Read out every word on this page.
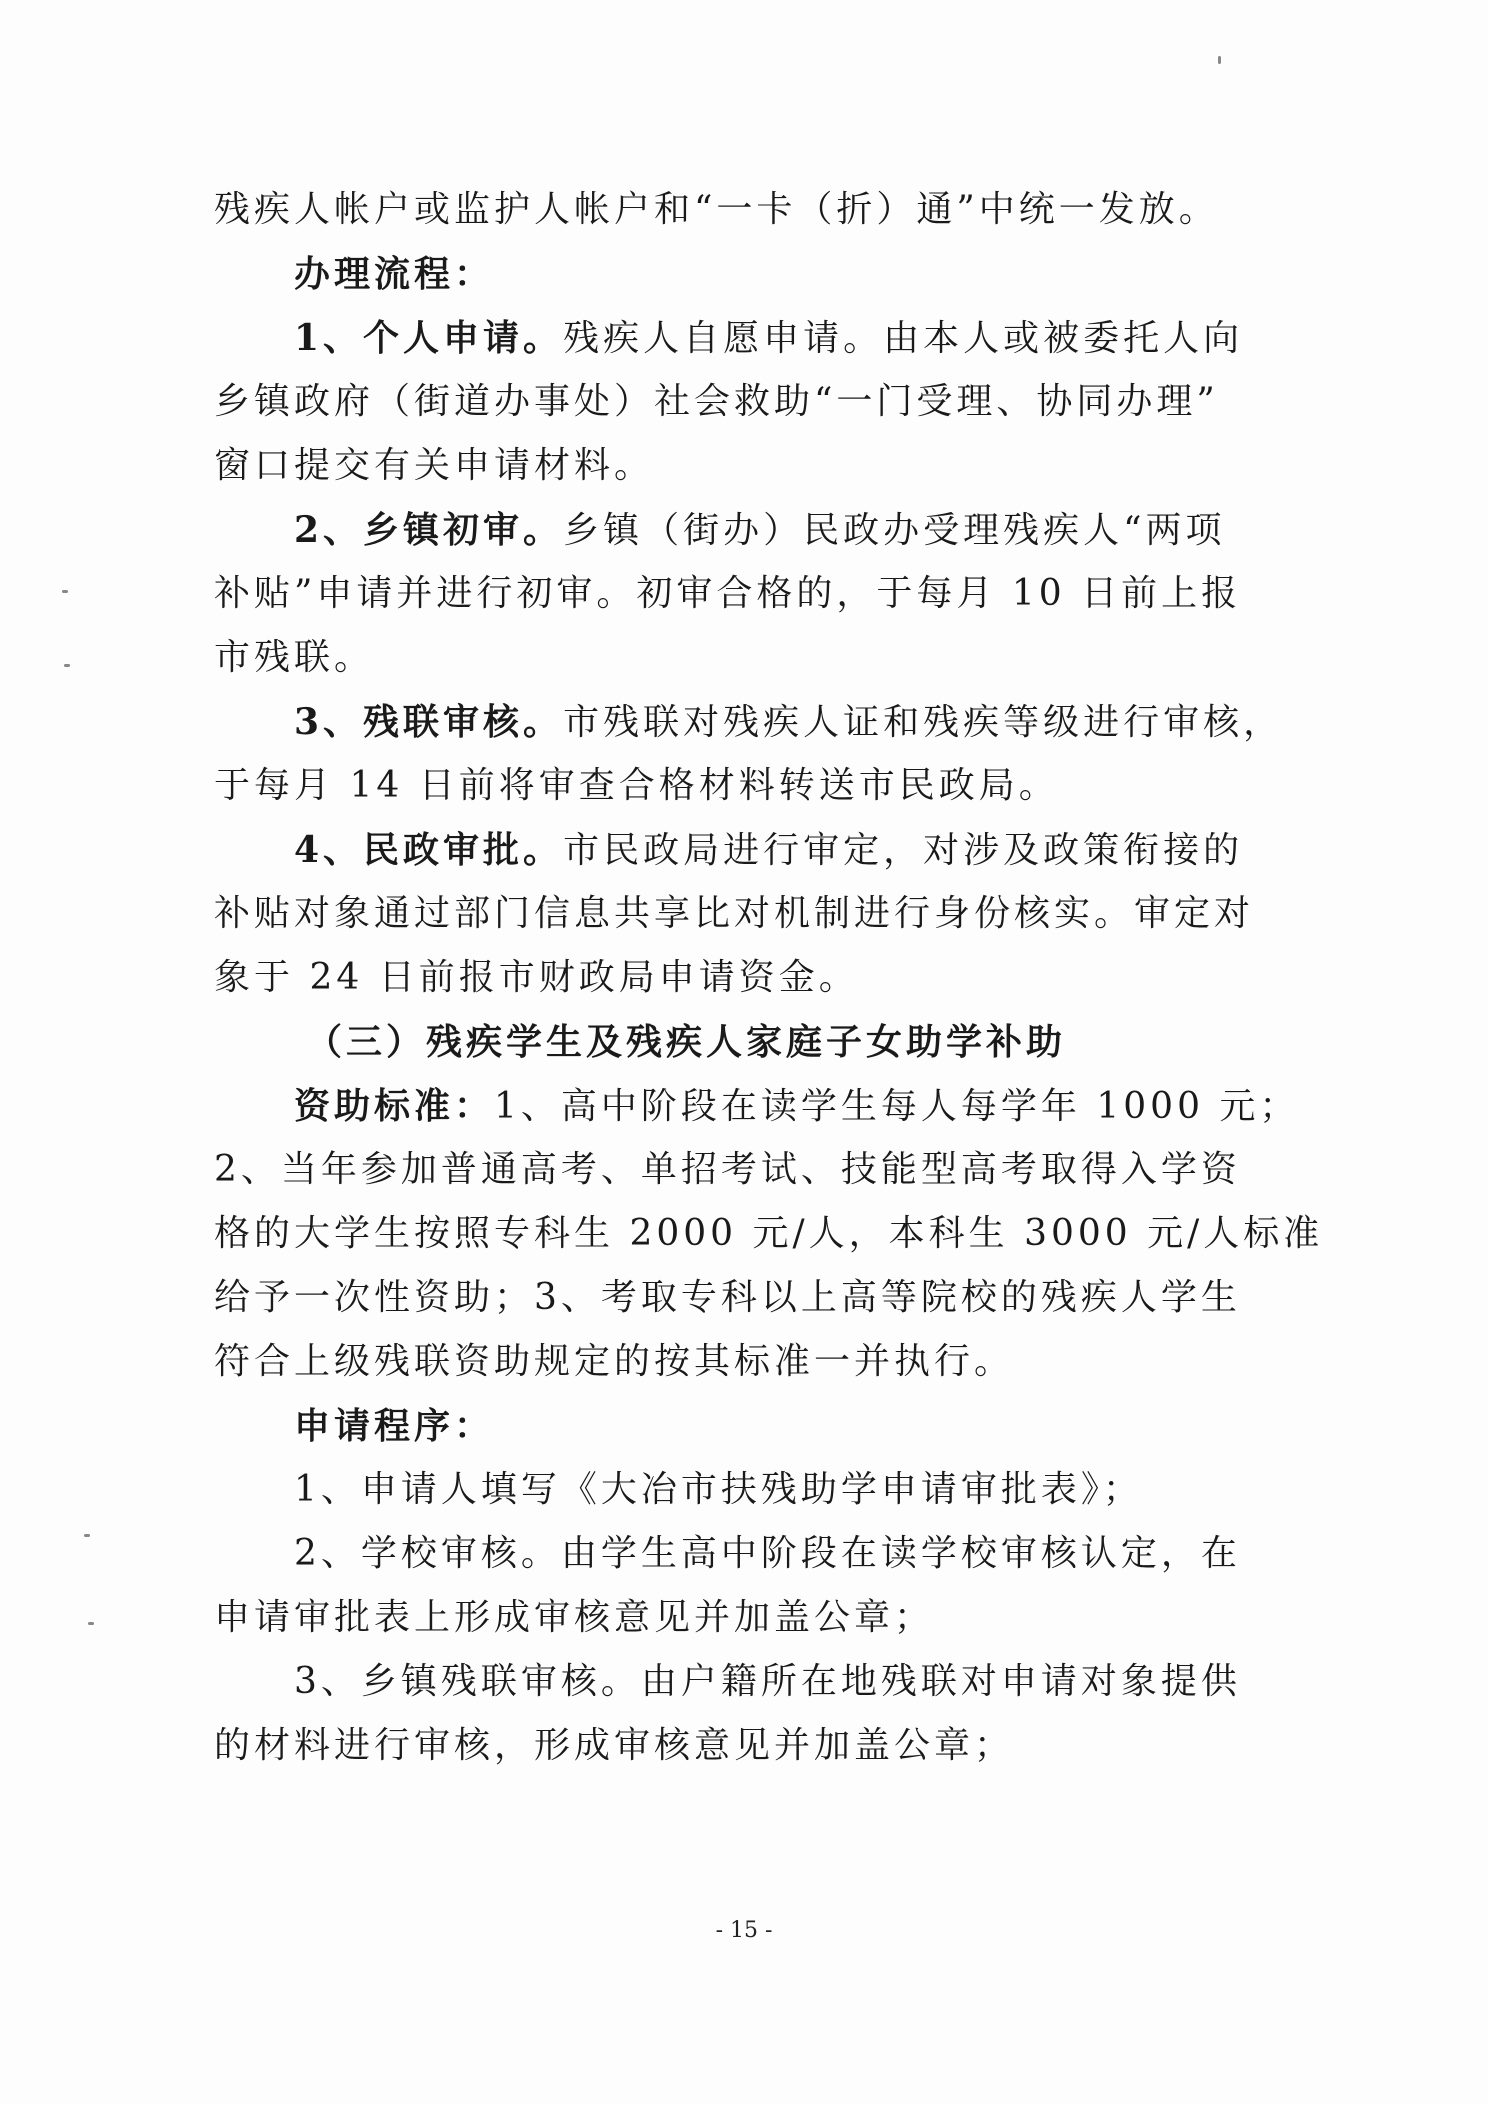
残疾人帐户或监护人帐户和“一卡（折）通”中统一发放。
办理流程：
1、个人申请。残疾人自愿申请。由本人或被委托人向
乡镇政府（街道办事处）社会救助“一门受理、协同办理”
窗口提交有关申请材料。
2、乡镇初审。乡镇（街办）民政办受理残疾人“两项
补贴”申请并进行初审。初审合格的，于每月 10 日前上报
市残联。
3、残联审核。市残联对残疾人证和残疾等级进行审核，
于每月 14 日前将审查合格材料转送市民政局。
4、民政审批。市民政局进行审定，对涉及政策衔接的
补贴对象通过部门信息共享比对机制进行身份核实。审定对
象于 24 日前报市财政局申请资金。
（三）残疾学生及残疾人家庭子女助学补助
资助标准：1、高中阶段在读学生每人每学年 1000 元；
2、当年参加普通高考、单招考试、技能型高考取得入学资
格的大学生按照专科生 2000 元/人，本科生 3000 元/人标准
给予一次性资助；3、考取专科以上高等院校的残疾人学生
符合上级残联资助规定的按其标准一并执行。
申请程序：
1、申请人填写《大冶市扶残助学申请审批表》；
2、学校审核。由学生高中阶段在读学校审核认定，在
申请审批表上形成审核意见并加盖公章；
3、乡镇残联审核。由户籍所在地残联对申请对象提供
的材料进行审核，形成审核意见并加盖公章；
- 15 -
